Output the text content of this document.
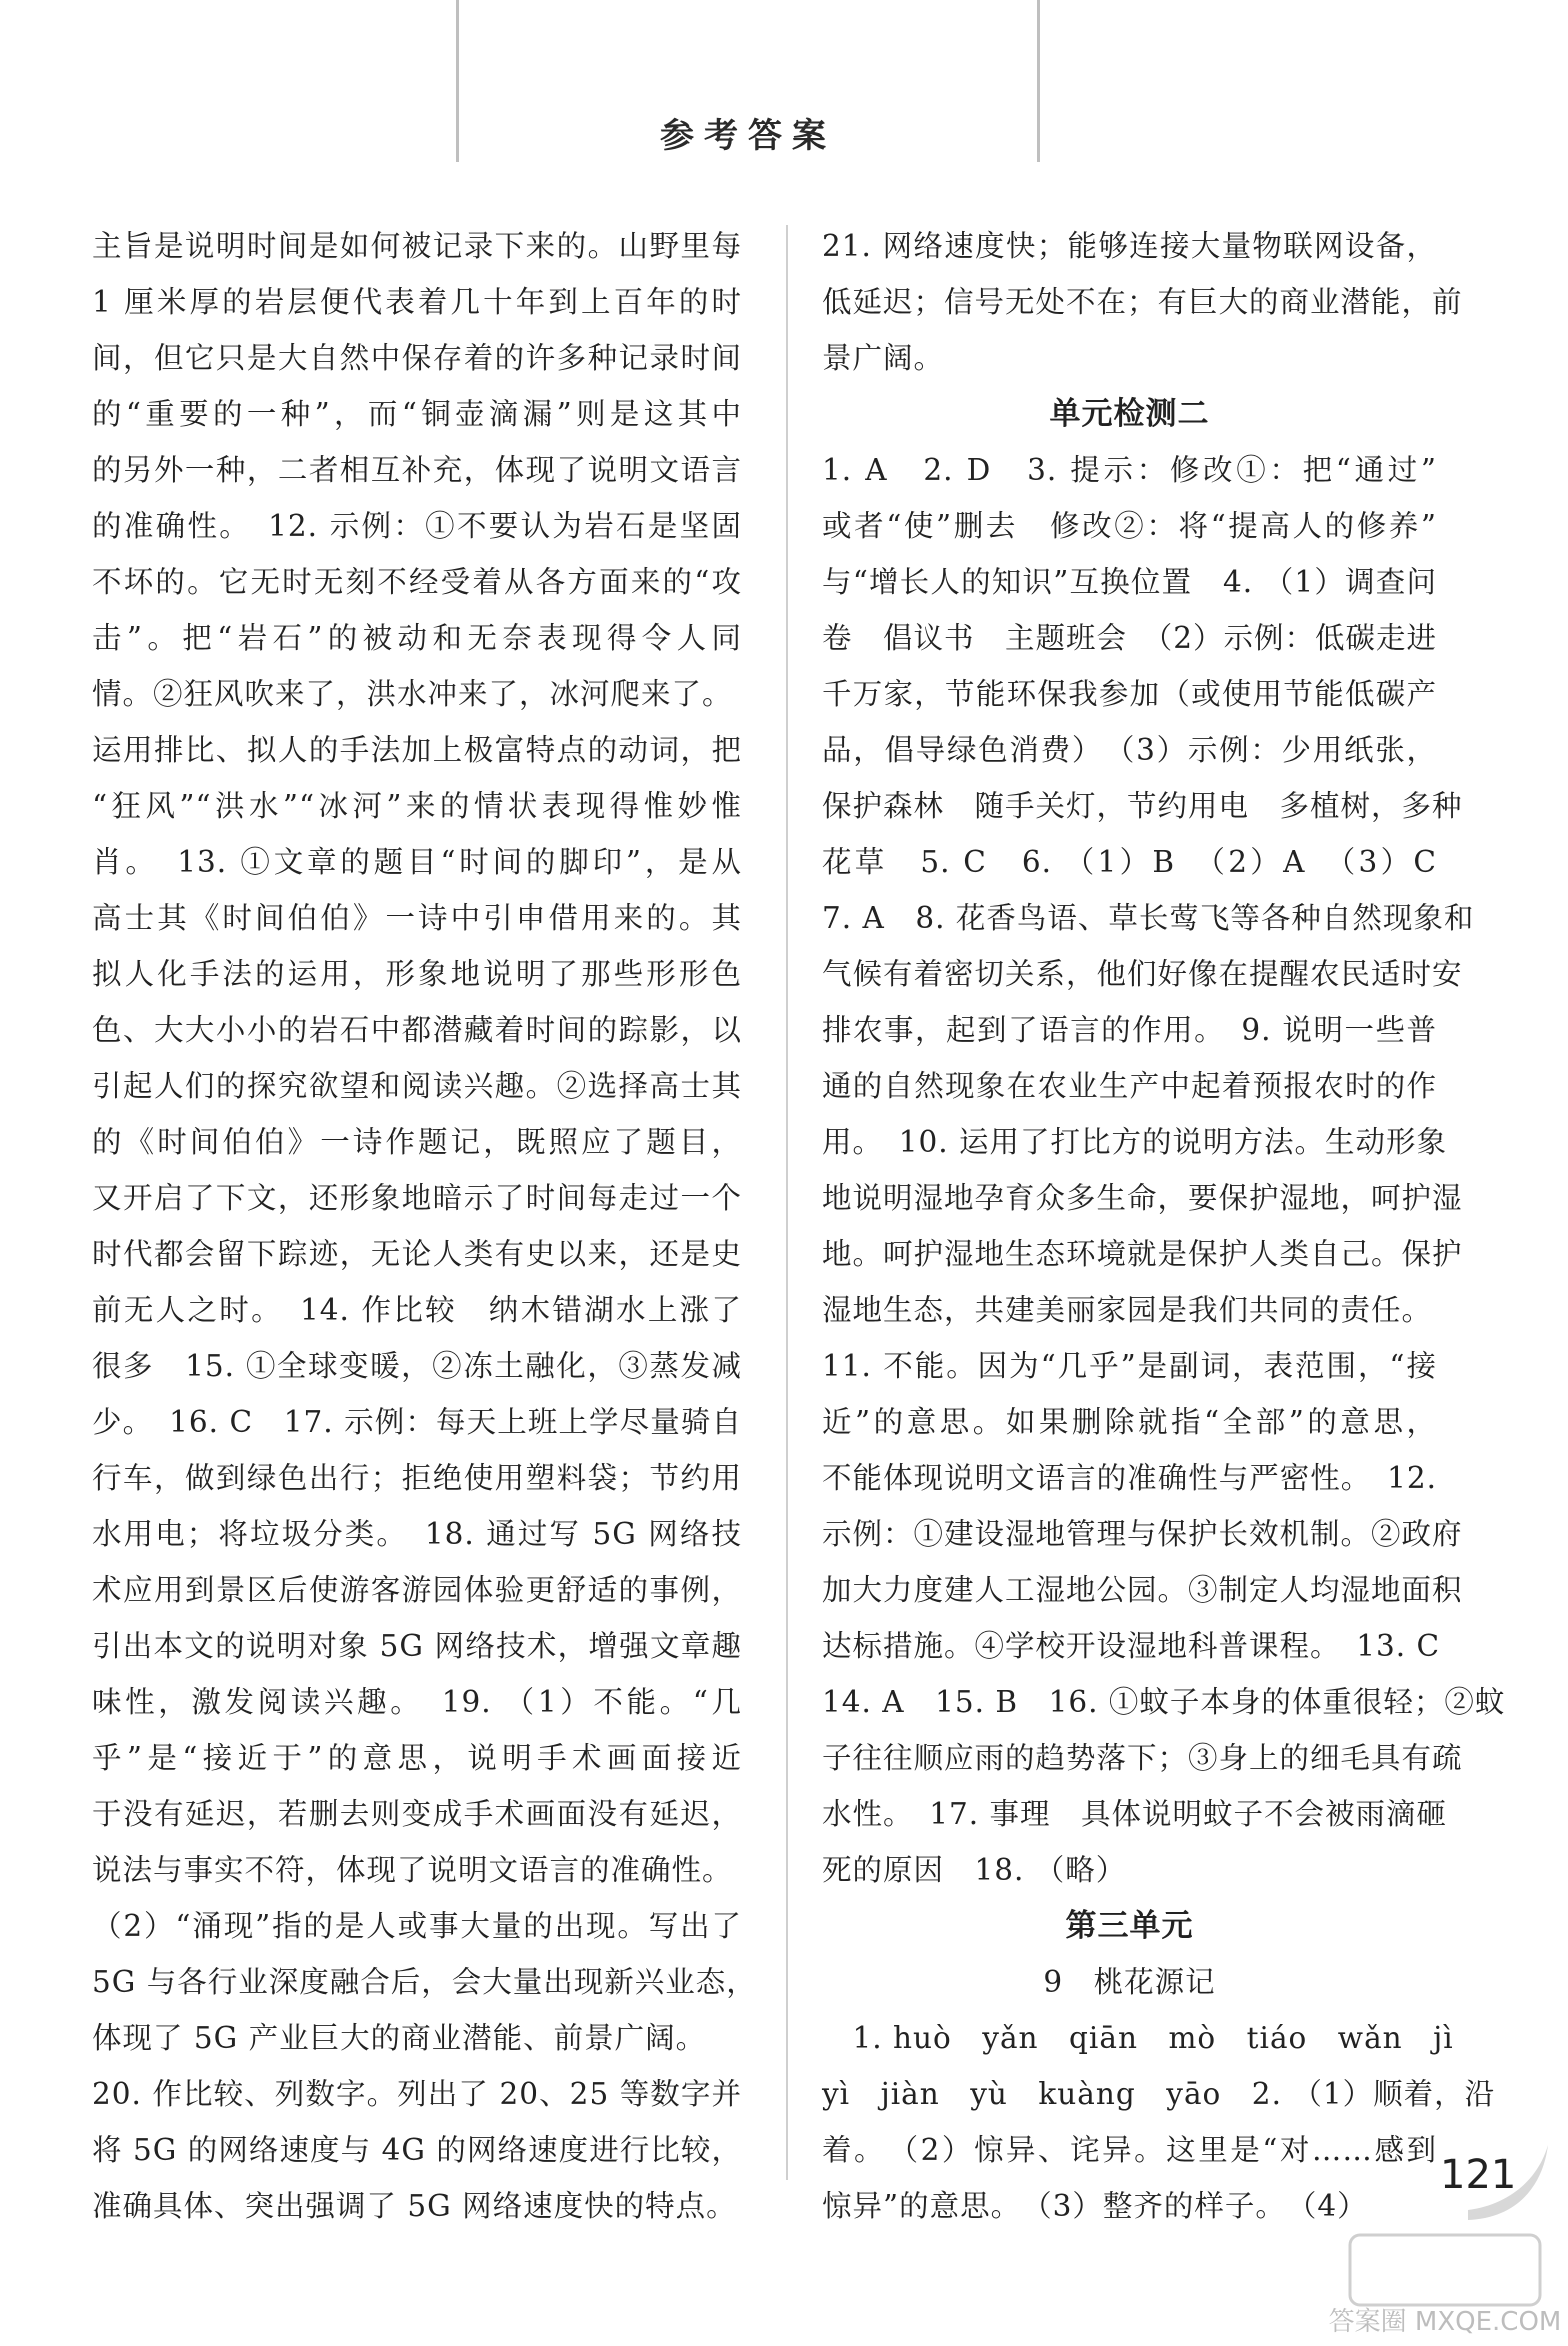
参考答案
主旨是说明时间是如何被记录下来的。山野里每
1 厘米厚的岩层便代表着几十年到上百年的时
间，但它只是大自然中保存着的许多种记录时间
的“重要的一种”，而“铜壶滴漏”则是这其中
的另外一种，二者相互补充，体现了说明文语言
的准确性。　12. 示例：①不要认为岩石是坚固
不坏的。它无时无刻不经受着从各方面来的“攻
击”。把“岩石”的被动和无奈表现得令人同
情。②狂风吹来了，洪水冲来了，冰河爬来了。
运用排比、拟人的手法加上极富特点的动词，把
“狂风”“洪水”“冰河”来的情状表现得惟妙惟
肖。　13. ①文章的题目“时间的脚印”，是从
高士其《时间伯伯》一诗中引申借用来的。其
拟人化手法的运用，形象地说明了那些形形色
色、大大小小的岩石中都潜藏着时间的踪影，以
引起人们的探究欲望和阅读兴趣。②选择高士其
的《时间伯伯》一诗作题记，既照应了题目，
又开启了下文，还形象地暗示了时间每走过一个
时代都会留下踪迹，无论人类有史以来，还是史
前无人之时。　14. 作比较　纳木错湖水上涨了
很多　15. ①全球变暖，②冻土融化，③蒸发减
少。　16. C　17. 示例：每天上班上学尽量骑自
行车，做到绿色出行；拒绝使用塑料袋；节约用
水用电；将垃圾分类。　18. 通过写 5G 网络技
术应用到景区后使游客游园体验更舒适的事例，
引出本文的说明对象 5G 网络技术，增强文章趣
味性，激发阅读兴趣。　19. （1）不能。“几
乎”是“接近于”的意思，说明手术画面接近
于没有延迟，若删去则变成手术画面没有延迟，
说法与事实不符，体现了说明文语言的准确性。
（2）“涌现”指的是人或事大量的出现。写出了
5G 与各行业深度融合后，会大量出现新兴业态，
体现了 5G 产业巨大的商业潜能、前景广阔。
20. 作比较、列数字。列出了 20、25 等数字并
将 5G 的网络速度与 4G 的网络速度进行比较，
准确具体、突出强调了 5G 网络速度快的特点。
21. 网络速度快；能够连接大量物联网设备，
低延迟；信号无处不在；有巨大的商业潜能，前
景广阔。
单元检测二
1. A　2. D　3. 提示：修改①：把“通过”
或者“使”删去　修改②：将“提高人的修养”
与“增长人的知识”互换位置　4. （1）调查问
卷　倡议书　主题班会　（2）示例：低碳走进
千万家，节能环保我参加（或使用节能低碳产
品，倡导绿色消费）　（3）示例：少用纸张，
保护森林　随手关灯，节约用电　多植树，多种
花草　5. C　6. （1）B　（2）A　（3）C
7. A　8. 花香鸟语、草长莺飞等各种自然现象和
气候有着密切关系，他们好像在提醒农民适时安
排农事，起到了语言的作用。　9. 说明一些普
通的自然现象在农业生产中起着预报农时的作
用。　10. 运用了打比方的说明方法。生动形象
地说明湿地孕育众多生命，要保护湿地，呵护湿
地。呵护湿地生态环境就是保护人类自己。保护
湿地生态，共建美丽家园是我们共同的责任。
11. 不能。因为“几乎”是副词，表范围，“接
近”的意思。如果删除就指“全部”的意思，
不能体现说明文语言的准确性与严密性。　12.
示例：①建设湿地管理与保护长效机制。②政府
加大力度建人工湿地公园。③制定人均湿地面积
达标措施。④学校开设湿地科普课程。　13. C
14. A　15. B　16. ①蚊子本身的体重很轻；②蚊
子往往顺应雨的趋势落下；③身上的细毛具有疏
水性。　17. 事理　具体说明蚊子不会被雨滴砸
死的原因　18. （略）
第三单元
9　桃花源记
　1. huò　yǎn　qiān　mò　tiáo　wǎn　jì
yì　jiàn　yù　kuàng　yāo　2. （1）顺着，沿
着。　（2）惊异、诧异。这里是“对……感到
惊异”的意思。　（3）整齐的样子。　（4）
121
答案圈 MXQE.COM
